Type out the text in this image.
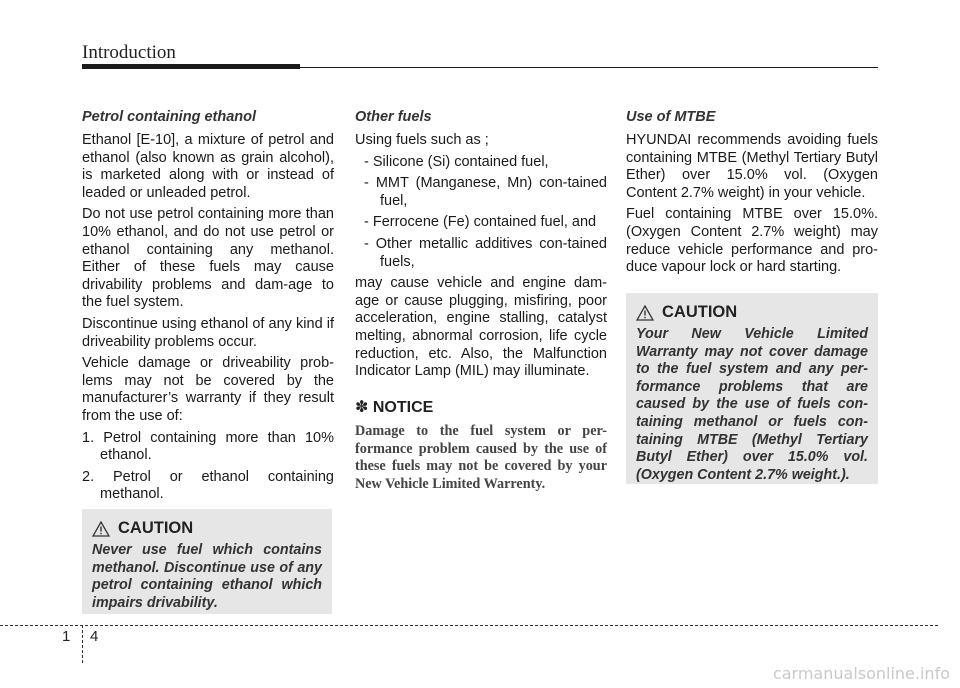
Introduction

Petrol containing ethanol

Ethanol [E-10], a mixture of petrol and ethanol (also known as grain alcohol), is marketed along with or instead of leaded or unleaded petrol.

Do not use petrol containing more than 10% ethanol, and do not use petrol or ethanol containing any methanol. Either of these fuels may cause drivability problems and dam-age to the fuel system.

Discontinue using ethanol of any kind if driveability problems occur.

Vehicle damage or driveability prob-lems may not be covered by the manufacturer’s warranty if they result from the use of:

1. Petrol containing more than 10% ethanol.
2. Petrol or ethanol containing methanol.
CAUTION
Never use fuel which contains methanol. Discontinue use of any petrol containing ethanol which impairs drivability.

Other fuels

Using fuels such as ;

- Silicone (Si) contained fuel,
- MMT (Manganese, Mn) con-tained fuel,
- Ferrocene (Fe) contained fuel, and
- Other metallic additives con-tained fuels,

may cause vehicle and engine dam-age or cause plugging, misfiring, poor acceleration, engine stalling, catalyst melting, abnormal corrosion, life cycle reduction, etc. Also, the Malfunction Indicator Lamp (MIL) may illuminate.

✽ NOTICE
Damage to the fuel system or per-formance problem caused by the use of these fuels may not be covered by your New Vehicle Limited Warrenty.

Use of MTBE

HYUNDAI recommends avoiding fuels containing MTBE (Methyl Tertiary Butyl Ether) over 15.0% vol. (Oxygen Content 2.7% weight) in your vehicle.

Fuel containing MTBE over 15.0%. (Oxygen Content 2.7% weight) may reduce vehicle performance and pro-duce vapour lock or hard starting.

CAUTION
Your New Vehicle Limited Warranty may not cover damage to the fuel system and any per-formance problems that are caused by the use of fuels con-taining methanol or fuels con-taining MTBE (Methyl Tertiary Butyl Ether) over 15.0% vol. (Oxygen Content 2.7% weight.).
1 4
carmanualsonline.info
